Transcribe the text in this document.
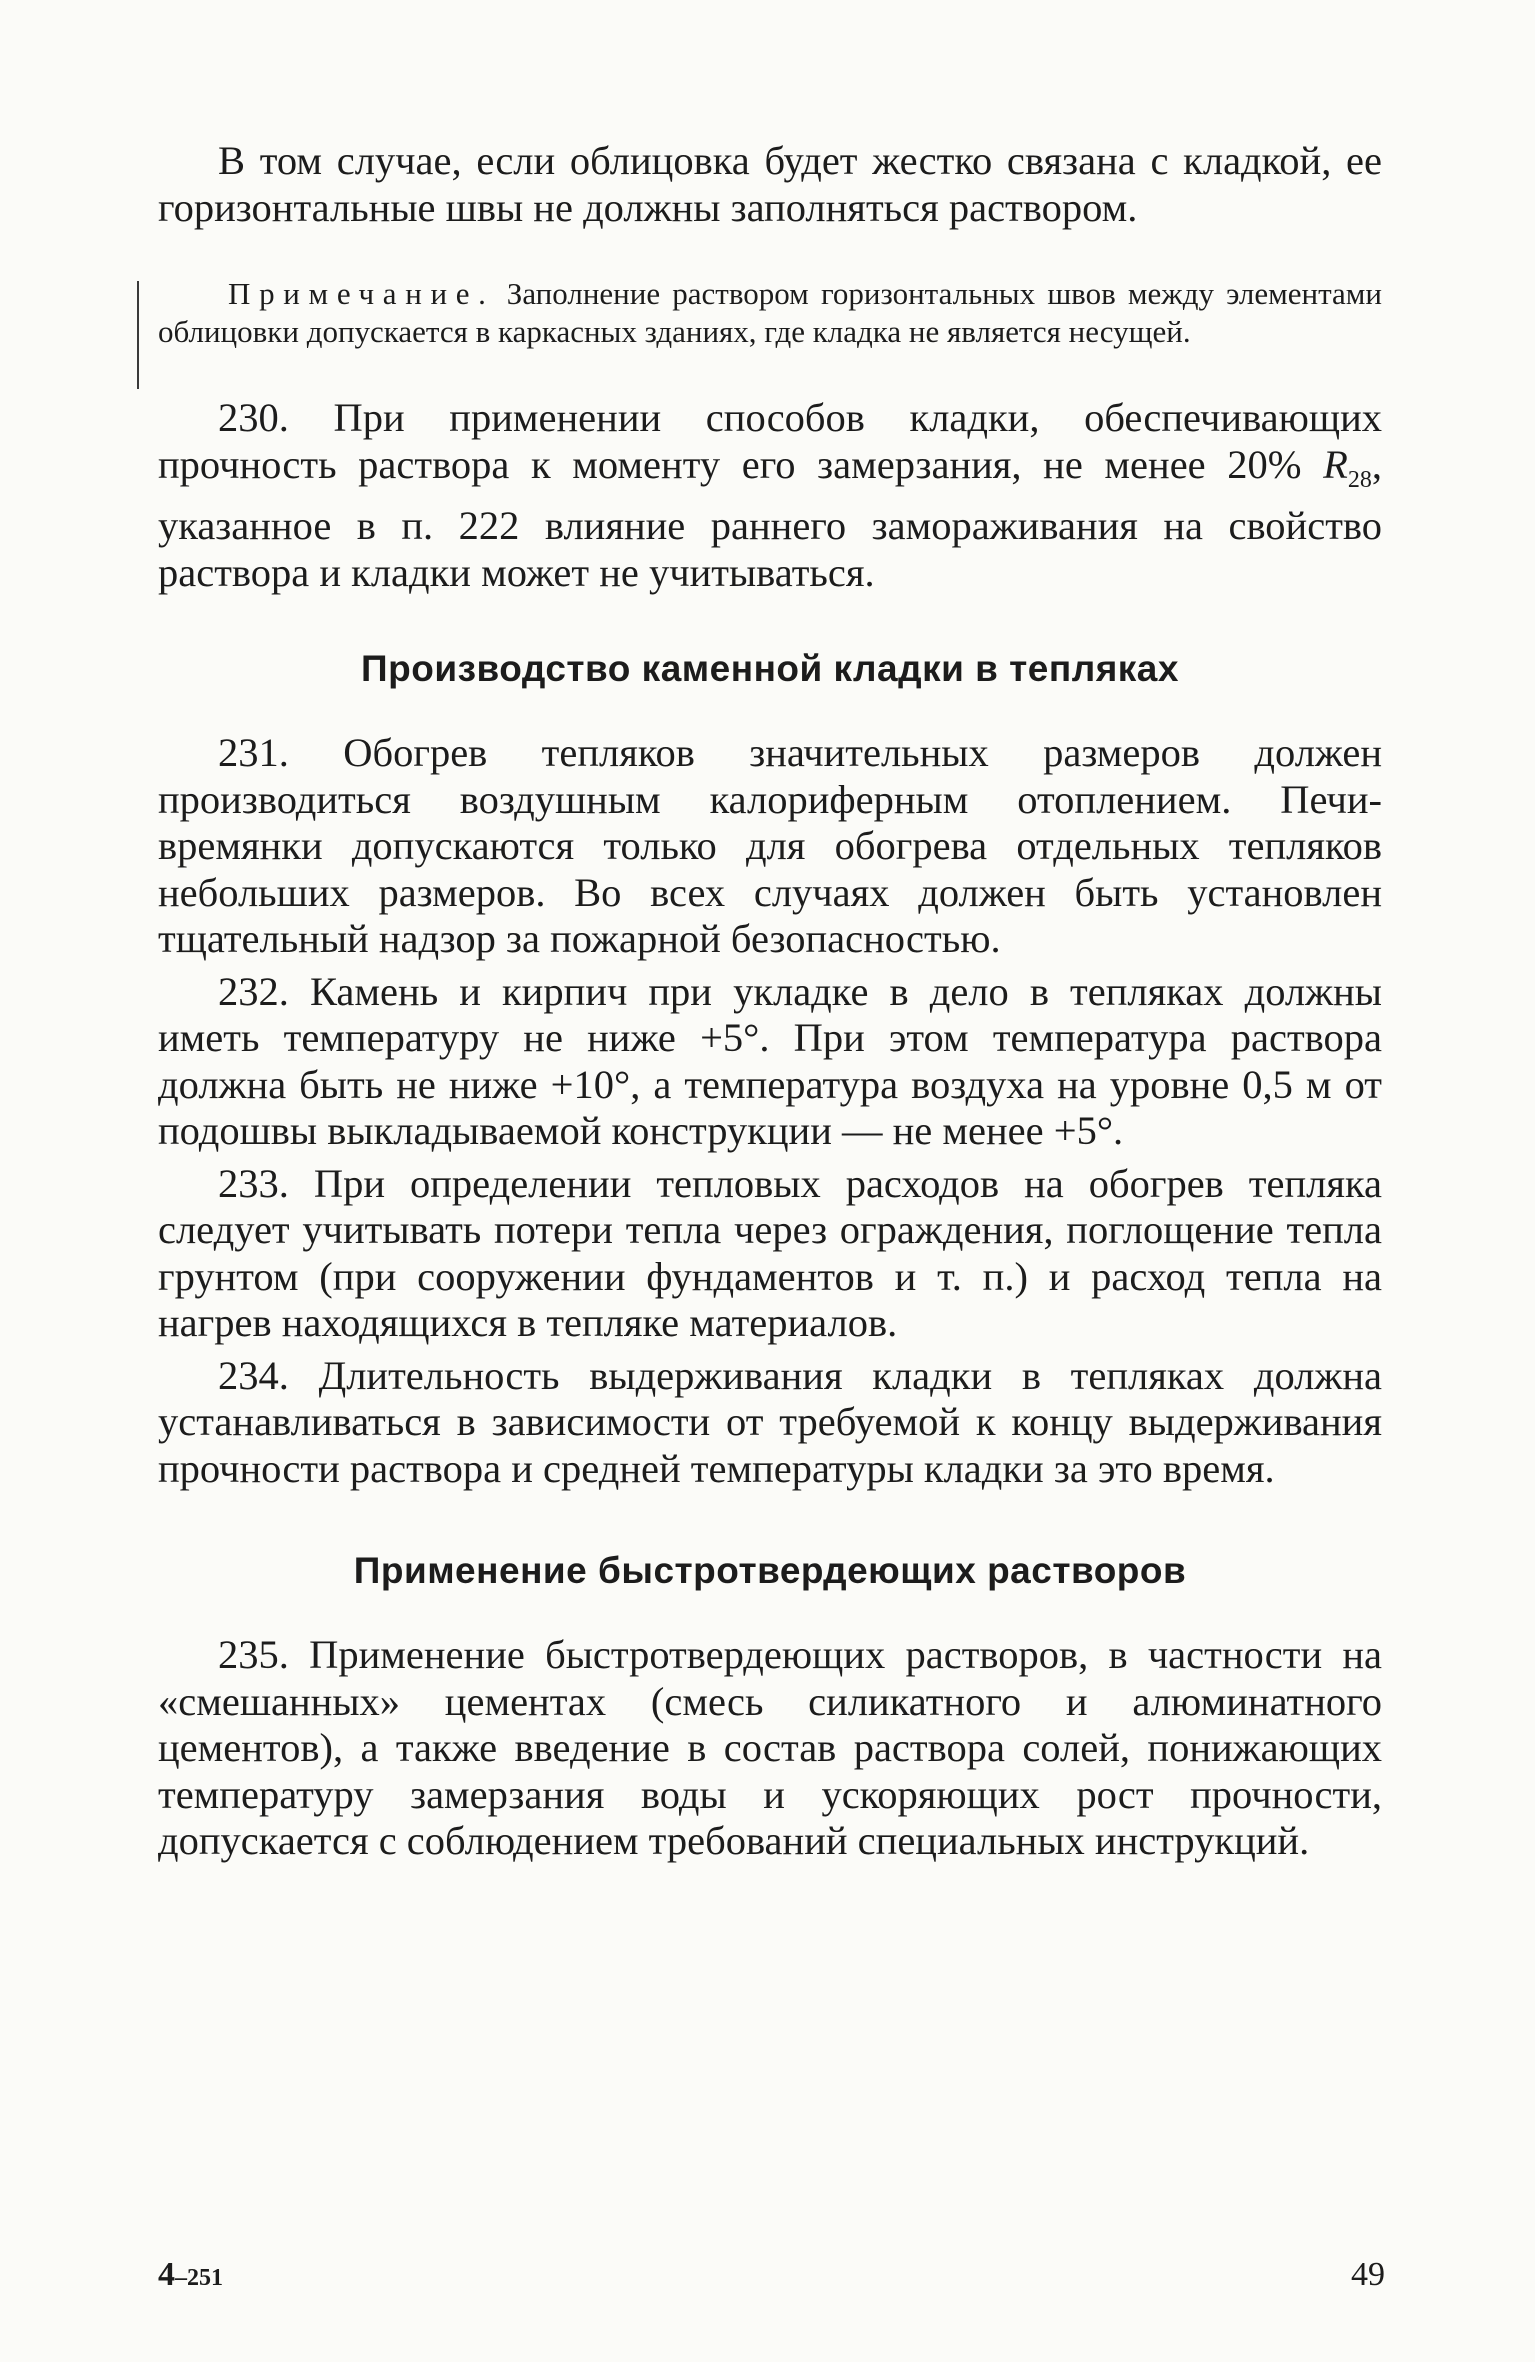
В том случае, если облицовка будет жестко связана с кладкой, ее горизонтальные швы не должны заполняться раствором.

Примечание. Заполнение раствором горизонтальных швов между элементами облицовки допускается в каркасных зданиях, где кладка не является несущей.

230. При применении способов кладки, обеспечивающих прочность раствора к моменту его замерзания, не менее 20% $R_{28}$, указанное в п. 222 влияние раннего замораживания на свойство раствора и кладки может не учитываться.

Производство каменной кладки в тепляках

231. Обогрев тепляков значительных размеров должен производиться воздушным калориферным отоплением. Печи-времянки допускаются только для обогрева отдельных тепляков небольших размеров. Во всех случаях должен быть установлен тщательный надзор за пожарной безопасностью.

232. Камень и кирпич при укладке в дело в тепляках должны иметь температуру не ниже +5°. При этом температура раствора должна быть не ниже +10°, а температура воздуха на уровне 0,5 м от подошвы выкладываемой конструкции — не менее +5°.

233. При определении тепловых расходов на обогрев тепляка следует учитывать потери тепла через ограждения, поглощение тепла грунтом (при сооружении фундаментов и т. п.) и расход тепла на нагрев находящихся в тепляке материалов.

234. Длительность выдерживания кладки в тепляках должна устанавливаться в зависимости от требуемой к концу выдерживания прочности раствора и средней температуры кладки за это время.

Применение быстротвердеющих растворов

235. Применение быстротвердеющих растворов, в частности на «смешанных» цементах (смесь силикатного и алюминатного цементов), а также введение в состав раствора солей, понижающих температуру замерзания воды и ускоряющих рост прочности, допускается с соблюдением требований специальных инструкций.

4–251	49
